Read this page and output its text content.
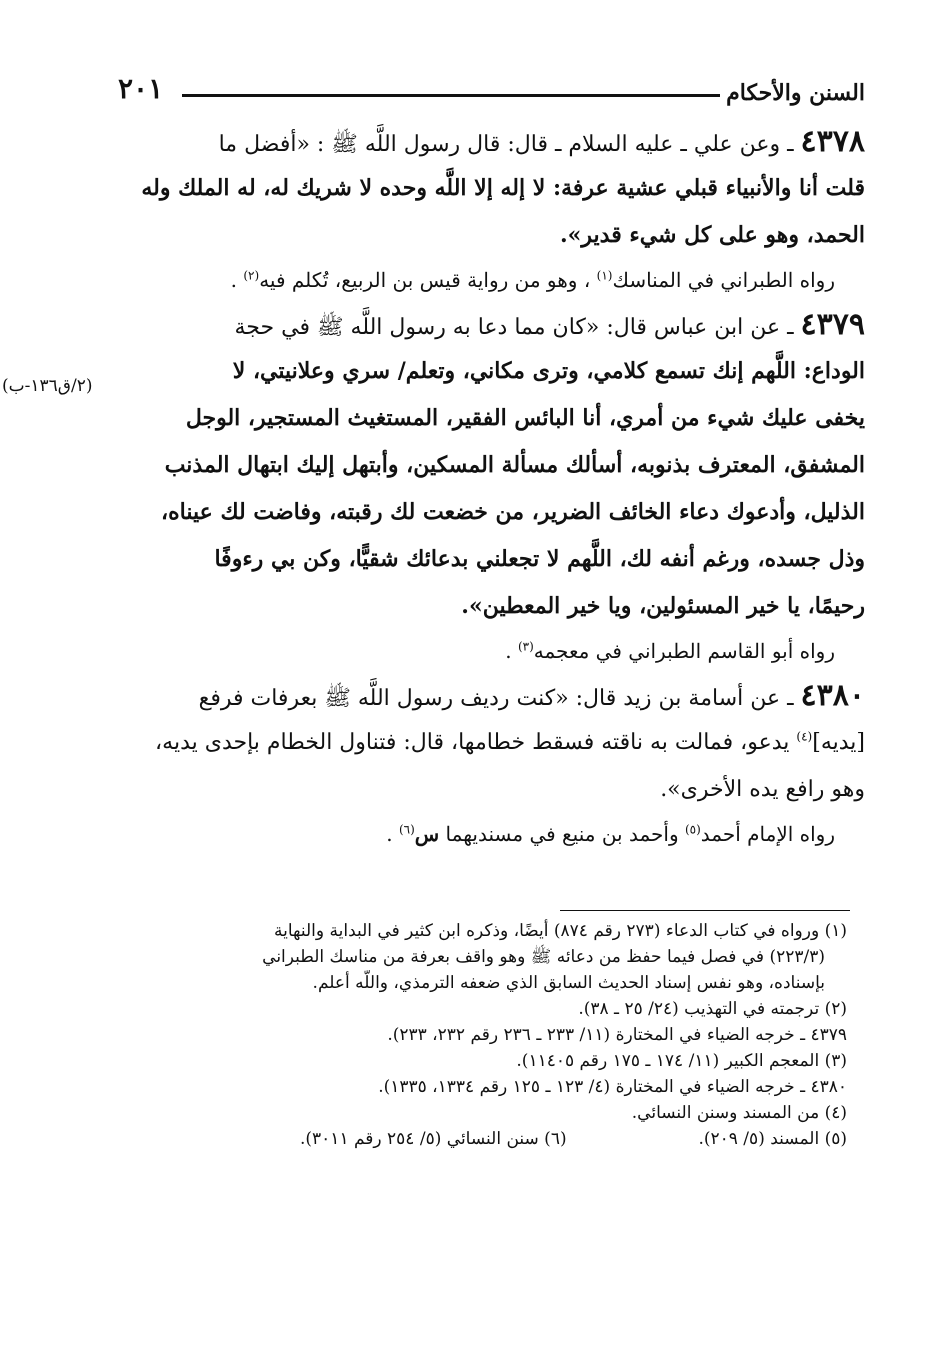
السنن والأحكام
٢٠١
(٢/ق١٣٦-ب)
٤٣٧٨ ـ وعن علي ـ عليه السلام ـ قال: قال رسول اللَّه ﷺ : «أفضل ما
قلت أنا والأنبياء قبلي عشية عرفة: لا إله إلا اللَّه وحده لا شريك له، له الملك وله
الحمد، وهو على كل شيء قدير».
رواه الطبراني في المناسك$^{(١)}$ ، وهو من رواية قيس بن الربيع، تُكلم فيه$^{(٢)}$ .
٤٣٧٩ ـ عن ابن عباس قال: «كان مما دعا به رسول اللَّه ﷺ في حجة
الوداع: اللَّهم إنك تسمع كلامي، وترى مكاني، وتعلم/ سري وعلانيتي، لا
يخفى عليك شيء من أمري، أنا البائس الفقير، المستغيث المستجير، الوجل
المشفق، المعترف بذنوبه، أسألك مسألة المسكين، وأبتهل إليك ابتهال المذنب
الذليل، وأدعوك دعاء الخائف الضرير، من خضعت لك رقبته، وفاضت لك عيناه،
وذل جسده، ورغم أنفه لك، اللَّهم لا تجعلني بدعائك شقيًّا، وكن بي رءوفًا
رحيمًا، يا خير المسئولين، ويا خير المعطين».
رواه أبو القاسم الطبراني في معجمه$^{(٣)}$ .
٤٣٨٠ ـ عن أسامة بن زيد قال: «كنت رديف رسول اللَّه ﷺ بعرفات فرفع
[يديه]$^{(٤)}$ يدعو، فمالت به ناقته فسقط خطامها، قال: فتناول الخطام بإحدى يديه،
وهو رافع يده الأخرى».
رواه الإمام أحمد$^{(٥)}$ وأحمد بن منيع في مسنديهما س$^{(٦)}$ .
(١) ورواه في كتاب الدعاء (٢٧٣ رقم ٨٧٤) أيضًا، وذكره ابن كثير في البداية والنهاية
(٢٢٣/٣) في فصل فيما حفظ من دعائه ﷺ وهو واقف بعرفة من مناسك الطبراني
بإسناده، وهو نفس إسناد الحديث السابق الذي ضعفه الترمذي، واللَّه أعلم.
(٢) ترجمته في التهذيب (٢٤/ ٢٥ ـ ٣٨).
٤٣٧٩ ـ خرجه الضياء في المختارة (١١/ ٢٣٣ ـ ٢٣٦ رقم ٢٣٢، ٢٣٣).
(٣) المعجم الكبير (١١/ ١٧٤ ـ ١٧٥ رقم ١١٤٠٥).
٤٣٨٠ ـ خرجه الضياء في المختارة (٤/ ١٢٣ ـ ١٢٥ رقم ١٣٣٤، ١٣٣٥).
(٤) من المسند وسنن النسائي.
(٥) المسند (٥/ ٢٠٩).
(٦) سنن النسائي (٥/ ٢٥٤ رقم ٣٠١١).
